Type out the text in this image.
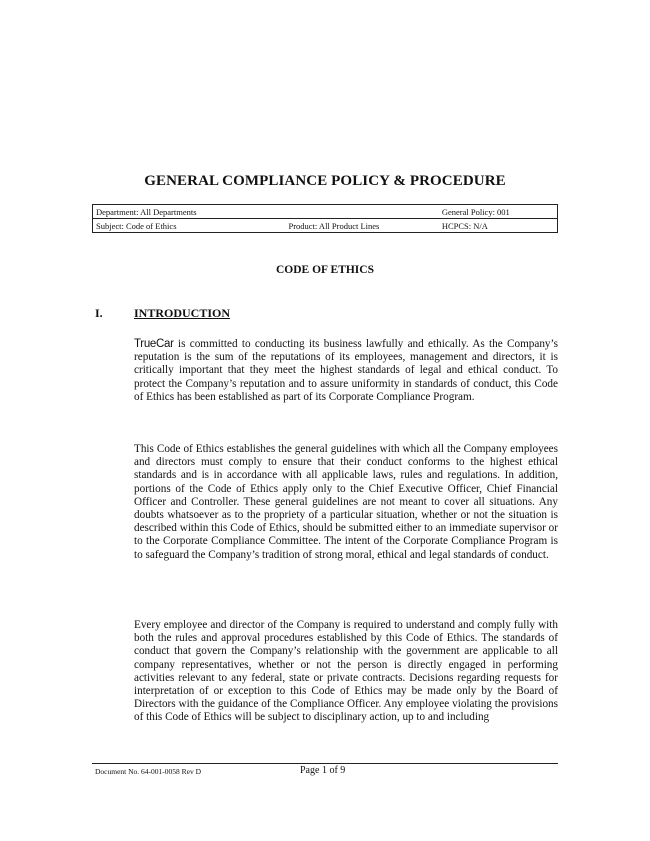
GENERAL COMPLIANCE POLICY & PROCEDURE
Department: All Departments		General Policy: 001
Subject: Code of Ethics	Product: All Product Lines	HCPCS: N/A
CODE OF ETHICS
I.	INTRODUCTION

TrueCar is committed to conducting its business lawfully and ethically. As the Company’s reputation is the sum of the reputations of its employees, management and directors, it is critically important that they meet the highest standards of legal and ethical conduct. To protect the Company’s reputation and to assure uniformity in standards of conduct, this Code of Ethics has been established as part of its Corporate Compliance Program.

This Code of Ethics establishes the general guidelines with which all the Company employees and directors must comply to ensure that their conduct conforms to the highest ethical standards and is in accordance with all applicable laws, rules and regulations. In addition, portions of the Code of Ethics apply only to the Chief Executive Officer, Chief Financial Officer and Controller. These general guidelines are not meant to cover all situations. Any doubts whatsoever as to the propriety of a particular situation, whether or not the situation is described within this Code of Ethics, should be submitted either to an immediate supervisor or to the Corporate Compliance Committee. The intent of the Corporate Compliance Program is to safeguard the Company’s tradition of strong moral, ethical and legal standards of conduct.

Every employee and director of the Company is required to understand and comply fully with both the rules and approval procedures established by this Code of Ethics. The standards of conduct that govern the Company’s relationship with the government are applicable to all company representatives, whether or not the person is directly engaged in performing activities relevant to any federal, state or private contracts. Decisions regarding requests for interpretation of or exception to this Code of Ethics may be made only by the Board of Directors with the guidance of the Compliance Officer. Any employee violating the provisions of this Code of Ethics will be subject to disciplinary action, up to and including

Document No. 64-001-0058 Rev D	Page 1 of 9
